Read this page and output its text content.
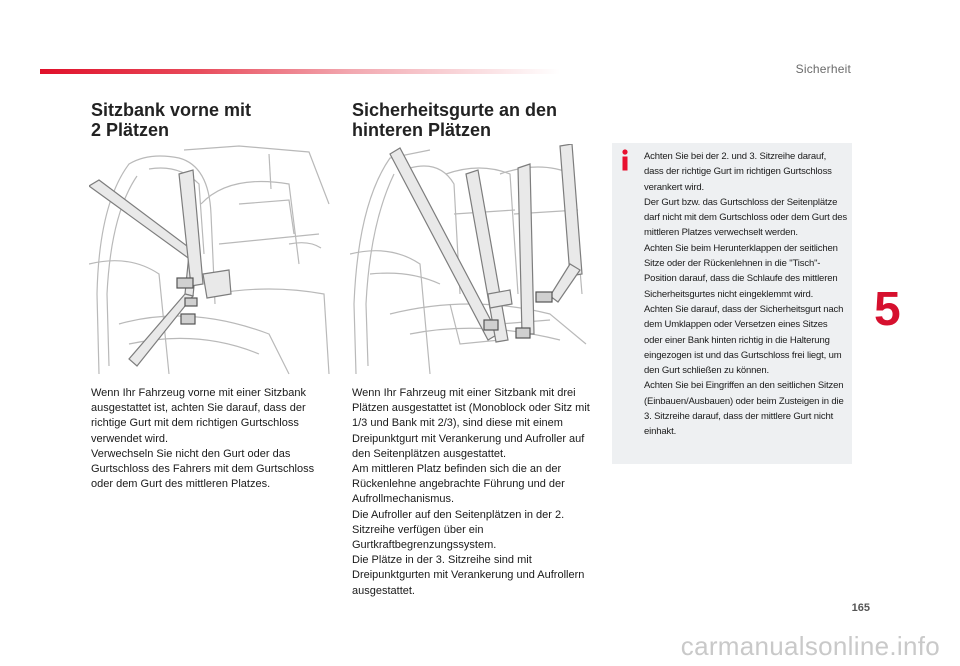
Sicherheit
Sitzbank vorne mit
2 Plätzen

Wenn Ihr Fahrzeug vorne mit einer Sitzbank ausgestattet ist, achten Sie darauf, dass der richtige Gurt mit dem richtigen Gurtschloss verwendet wird.

Verwechseln Sie nicht den Gurt oder das Gurtschloss des Fahrers mit dem Gurtschloss oder dem Gurt des mittleren Platzes.

Sicherheitsgurte an den
hinteren Plätzen

Wenn Ihr Fahrzeug mit einer Sitzbank mit drei Plätzen ausgestattet ist (Monoblock oder Sitz mit 1/3 und Bank mit 2/3), sind diese mit einem Dreipunktgurt mit Verankerung und Aufroller auf den Seitenplätzen ausgestattet.

Am mittleren Platz befinden sich die an der Rückenlehne angebrachte Führung und der Aufrollmechanismus.

Die Aufroller auf den Seitenplätzen in der 2. Sitzreihe verfügen über ein Gurtkraftbegrenzungssystem.

Die Plätze in der 3. Sitzreihe sind mit Dreipunktgurten mit Verankerung und Aufrollern ausgestattet.

Achten Sie bei der 2. und 3. Sitzreihe darauf, dass der richtige Gurt im richtigen Gurtschloss verankert wird.

Der Gurt bzw. das Gurtschloss der Seitenplätze darf nicht mit dem Gurtschloss oder dem Gurt des mittleren Platzes verwechselt werden.

Achten Sie beim Herunterklappen der seitlichen Sitze oder der Rückenlehnen in die "Tisch"-Position darauf, dass die Schlaufe des mittleren Sicherheitsgurtes nicht eingeklemmt wird.

Achten Sie darauf, dass der Sicherheitsgurt nach dem Umklappen oder Versetzen eines Sitzes oder einer Bank hinten richtig in die Halterung eingezogen ist und das Gurtschloss frei liegt, um den Gurt schließen zu können.

Achten Sie bei Eingriffen an den seitlichen Sitzen (Einbauen/Ausbauen) oder beim Zusteigen in die 3. Sitzreihe darauf, dass der mittlere Gurt nicht einhakt.

5
165
carmanualsonline.info
